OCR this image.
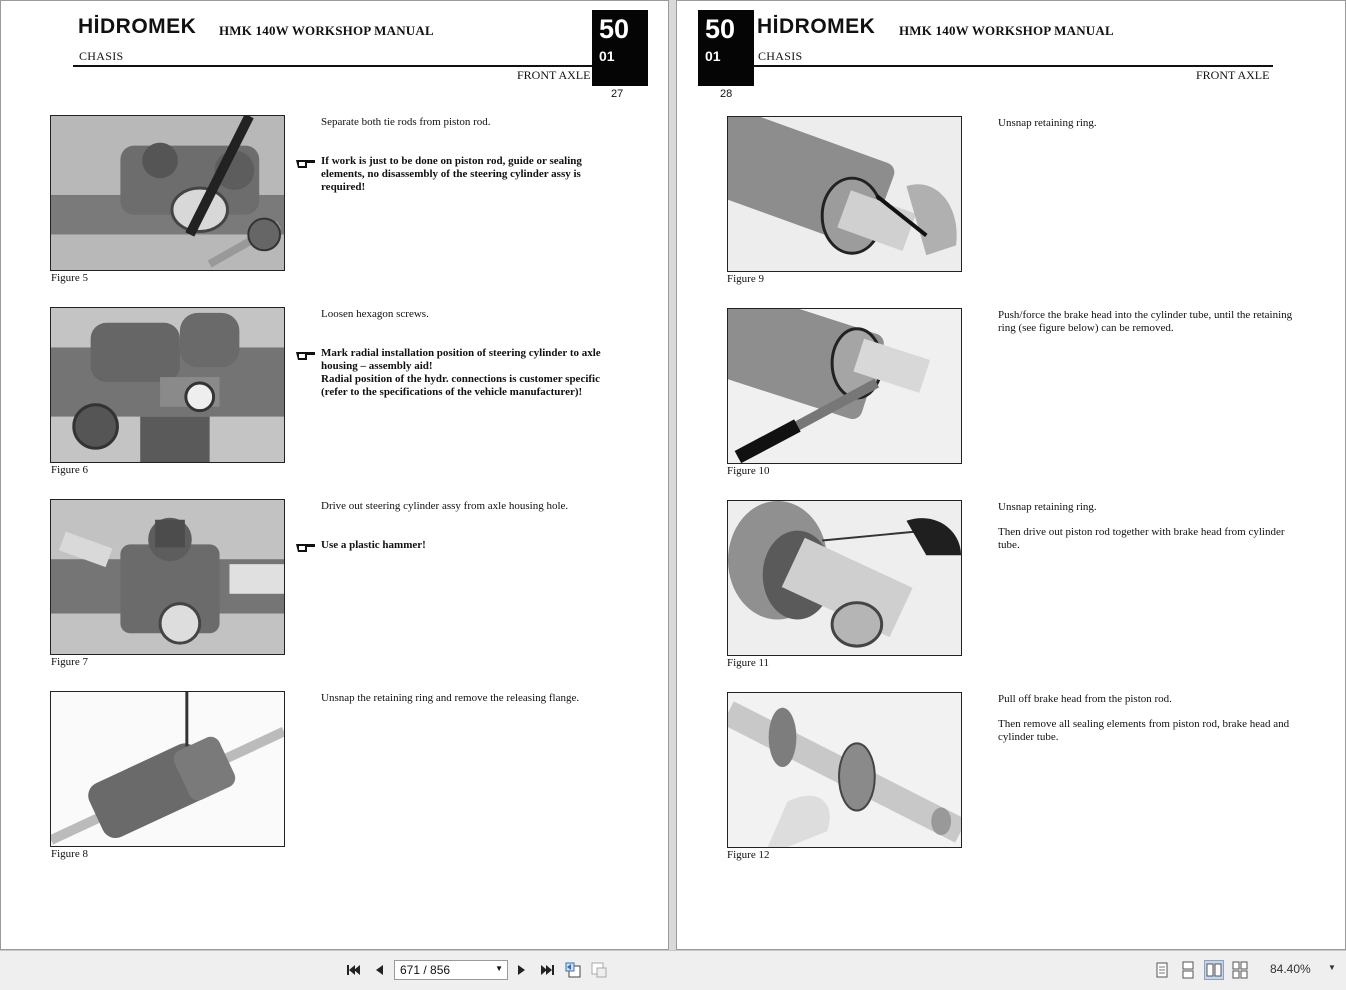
HİDROMEK HMK 140W WORKSHOP MANUAL
CHASIS
FRONT AXLE
50
01
27
Figure 5
Separate both tie rods from piston rod.
If work is just to be done on piston rod, guide or sealing elements, no disassembly of the steering cylinder assy is required!
Figure 6
Loosen hexagon screws.
Mark radial installation position of steering cylinder to axle housing – assembly aid!
Radial position of the hydr. connections is customer specific (refer to the specifications of the vehicle manufacturer)!
Figure 7
Drive out steering cylinder assy from axle housing hole.
Use a plastic hammer!
Figure 8
Unsnap the retaining ring and remove the releasing flange.
50
01
28
HİDROMEK HMK 140W WORKSHOP MANUAL
CHASIS
FRONT AXLE
Figure 9
Unsnap retaining ring.
Figure 10
Push/force the brake head into the cylinder tube, until the retaining ring (see figure below) can be removed.
Figure 11

Unsnap retaining ring.

Then drive out piston rod together with brake head from cylinder tube.

Figure 12

Pull off brake head from the piston rod.

Then remove all sealing elements from piston rod, brake head and cylinder tube.

671 / 856	▼	84.40% ▼
